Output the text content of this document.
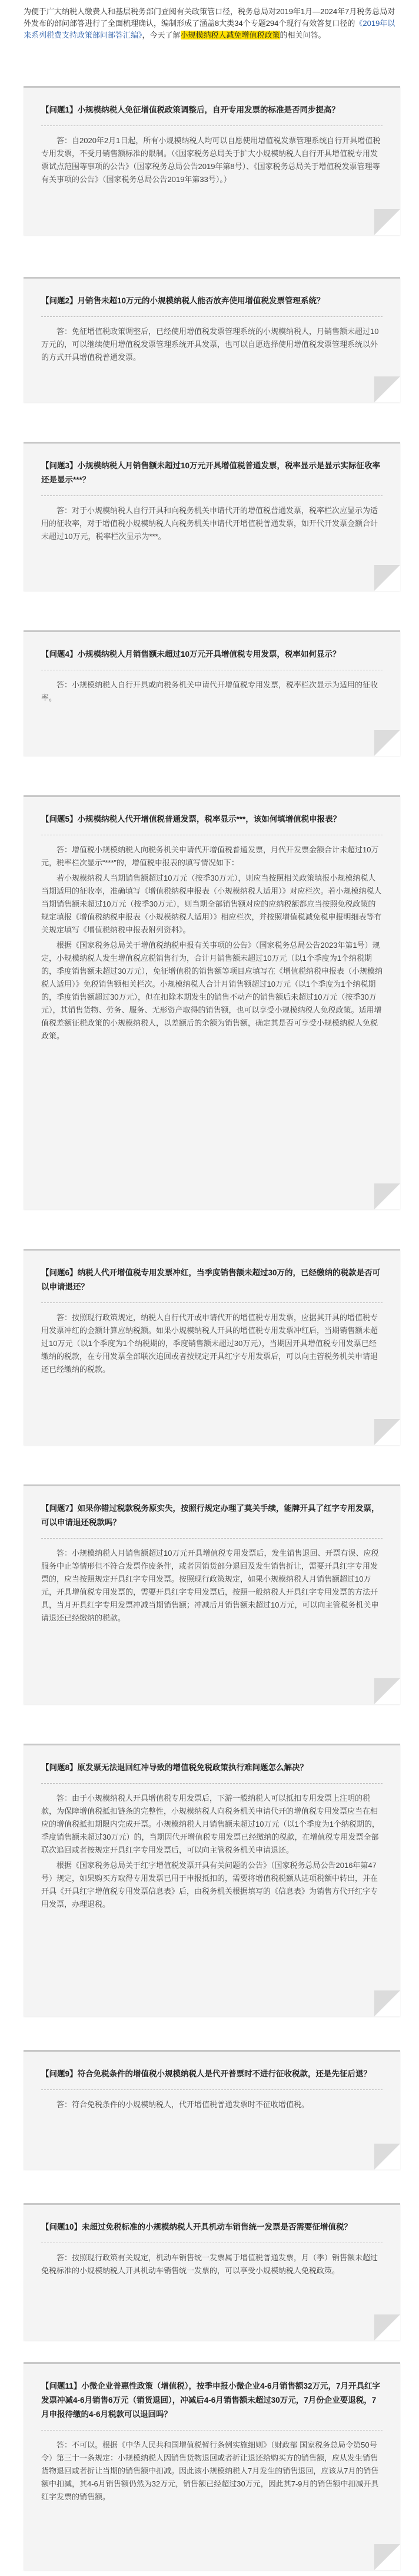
为便于广大纳税人缴费人和基层税务部门查阅有关政策管口径，税务总局对2019年1月—2024年7月税务总局对外发布的部问部答进行了全面梳理确认，编制形成了涵盖8大类34个专题294个现行有效答复口径的《2019年以来系列税费支持政策部问部答汇编》，今天了解小规模纳税人减免增值税政策的相关问答。
【问题1】小规模纳税人免征增值税政策调整后，自开专用发票的标准是否同步提高？
答：自2020年2月1日起，所有小规模纳税人均可以自愿使用增值税发票管理系统自行开具增值税专用发票，不受月销售额标准的限制。（《国家税务总局关于扩大小规模纳税人自行开具增值税专用发票试点范围等事项的公告》（国家税务总局公告2019年第8号）、《国家税务总局关于增值税发票管理等有关事项的公告》（国家税务总局公告2019年第33号）。）
【问题2】月销售未超10万元的小规模纳税人能否放弃使用增值税发票管理系统？
答：免征增值税政策调整后，已经使用增值税发票管理系统的小规模纳税人，月销售额未超过10万元的，可以继续使用增值税发票管理系统开具发票，也可以自愿选择使用增值税发票管理系统以外的方式开具增值税普通发票。
【问题3】小规模纳税人月销售额未超过10万元开具增值税普通发票，税率显示是显示实际征收率还是显示***？
答：对于小规模纳税人自行开具和向税务机关申请代开的增值税普通发票，税率栏次应显示为适用的征收率，对于增值税小规模纳税人向税务机关申请代开增值税普通发票，如开代开发票金额合计未超过10万元，税率栏次显示为***。
【问题4】小规模纳税人月销售额未超过10万元开具增值税专用发票，税率如何显示？
答：小规模纳税人自行开具或向税务机关申请代开增值税专用发票，税率栏次显示为适用的征收率。
【问题5】小规模纳税人代开增值税普通发票，税率显示***，该如何填增值税申报表？
答：增值税小规模纳税人向税务机关申请代开增值税普通发票，月代开发票金额合计未超过10万元，税率栏次显示“***”的，增值税申报表的填写情况如下：
若小规模纳税人当期销售额超过10万元（按季30万元），则应当按照相关政策填报小规模纳税人当期适用的征收率，准确填写《增值税纳税申报表（小规模纳税人适用）》对应栏次。若小规模纳税人当期销售额未超过10万元（按季30万元），则当期全部销售额对应的应纳税额都应当按照免税政策的规定填报《增值税纳税申报表（小规模纳税人适用）》相应栏次，并按照增值税减免税申报明细表等有关规定填写《增值税纳税申报表附列资料》。
根据《国家税务总局关于增值税纳税申报有关事项的公告》（国家税务总局公告2023年第1号）规定，小规模纳税人发生增值税应税销售行为，合计月销售额未超过10万元（以1个季度为1个纳税期的，季度销售额未超过30万元），免征增值税的销售额等项目应填写在《增值税纳税申报表（小规模纳税人适用）》免税销售额相关栏次。小规模纳税人合计月销售额超过10万元（以1个季度为1个纳税期的，季度销售额超过30万元），但在扣除本期发生的销售不动产的销售额后未超过10万元（按季30万元），其销售货物、劳务、服务、无形资产取得的销售额，也可以享受小规模纳税人免税政策。适用增值税差额征税政策的小规模纳税人，以差额后的余额为销售额，确定其是否可享受小规模纳税人免税政策。
【问题6】纳税人代开增值税专用发票冲红，当季度销售额未超过30万的，已经缴纳的税款是否可以申请退还？
答：按照现行政策规定，纳税人自行代开或申请代开的增值税专用发票，应据其开具的增值税专用发票冲红的金额计算应纳税额。如果小规模纳税人开具的增值税专用发票冲红后，当期销售额未超过10万元（以1个季度为1个纳税期的，季度销售额未超过30万元），当期因开具增值税专用发票已经缴纳的税款，在专用发票全部联次追回或者按规定开具红字专用发票后，可以向主管税务机关申请退还已经缴纳的税款。
【问题7】如果你错过税款税务原实失，按照行规定办理了莫关手续，能牌开具了红字专用发票，可以申请退还税款吗？
答：小规模纳税人月销售额超过10万元开具增值税专用发票后，发生销售退回、开票有误、应税服务中止等情形但不符合发票作废条件，或者因销货部分退回及发生销售折让，需要开具红字专用发票的，应当按照规定开具红字专用发票。按照现行政策规定，如果小规模纳税人月销售额超过10万元，开具增值税专用发票的，需要开具红字专用发票后，按照一般纳税人开具红字专用发票的方法开具，当月开具红字专用发票冲减当期销售额；冲减后月销售额未超过10万元，可以向主管税务机关申请退还已经缴纳的税款。
【问题8】原发票无法退回红冲导致的增值税免税政策执行难问题怎么解决？
答：由于小规模纳税人开具增值税专用发票后，下游一般纳税人可以抵扣专用发票上注明的税款，为保障增值税抵扣链条的完整性，小规模纳税人向税务机关申请代开的增值税专用发票应当在相应的增值税抵扣期限内完成开票。小规模纳税人月销售额未超过10万元（以1个季度为1个纳税期的，季度销售额未超过30万元）的，当期因代开增值税专用发票已经缴纳的税款，在增值税专用发票全部联次追回或者按规定开具红字专用发票后，可以向主管税务机关申请退还。
根据《国家税务总局关于红字增值税发票开具有关问题的公告》（国家税务总局公告2016年第47号）规定，如果购买方取得专用发票已用于申报抵扣的，需要将增值税税额从进项税额中转出，并在开具《开具红字增值税专用发票信息表》后，由税务机关根据填写的《信息表》为销售方代开红字专用发票，办理退税。
【问题9】符合免税条件的增值税小规模纳税人是代开普票时不进行征收税款，还是先征后退？
答：符合免税条件的小规模纳税人，代开增值税普通发票时不征收增值税。
【问题10】未超过免税标准的小规模纳税人开具机动车销售统一发票是否需要征增值税？
答：按照现行政策有关规定，机动车销售统一发票属于增值税普通发票，月（季）销售额未超过免税标准的小规模纳税人开具机动车销售统一发票的，可以享受小规模纳税人免税政策。
【问题11】小微企业普惠性政策（增值税），按季申报小微企业4-6月销售额32万元，7月开具红字发票冲减4-6月销售6万元（销货退回），冲减后4-6月销售额未超过30万元，7月份企业要退税，7月申报待缴的4-6月税款可以退回吗？
答：不可以。根据《中华人民共和国增值税暂行条例实施细则》（财政部 国家税务总局令第50号令）第三十一条规定：小规模纳税人因销售货物退回或者折让退还给购买方的销售额，应从发生销售货物退回或者折让当期的销售额中扣减。因此该小规模纳税人7月发生的销售退回，应该从7月的销售额中扣减，其4-6月销售额仍然为32万元，销售额已经超过30万元，因此其7-9月的销售额中扣减开具红字发票的销售额。
